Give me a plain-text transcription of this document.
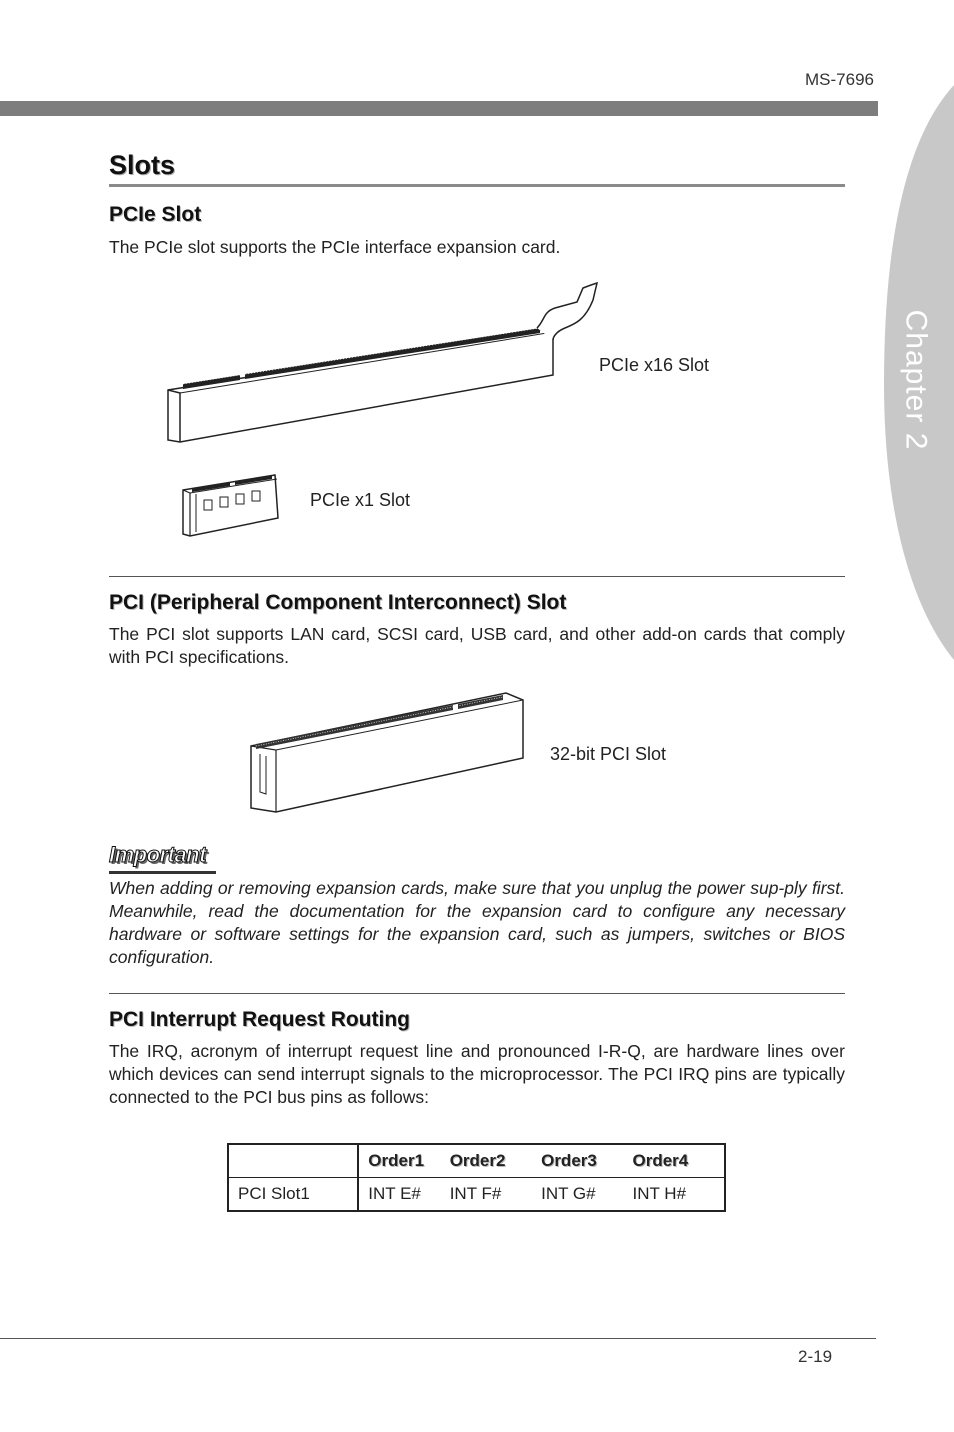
MS-7696
Chapter 2
Slots
PCIe Slot
The PCIe slot supports the PCIe interface expansion card.
PCIe x16 Slot
PCIe x1 Slot
PCI (Peripheral Component Interconnect) Slot
The PCI slot supports LAN card, SCSI card, USB card, and other add-on cards that comply with PCI specifications.
32-bit PCI Slot
Important
When adding or removing expansion cards, make sure that you unplug the power sup-ply first. Meanwhile, read the documentation for the expansion card to configure any necessary hardware or software settings for the expansion card, such as jumpers, switches or BIOS configuration.
PCI Interrupt Request Routing
The IRQ, acronym of interrupt request line and pronounced I-R-Q, are hardware lines over which devices can send interrupt signals to the microprocessor. The PCI IRQ pins are typically connected to the PCI bus pins as follows:
	Order1	Order2	Order3	Order4
PCI Slot1	INT E#	INT F#	INT G#	INT H#
2-19
